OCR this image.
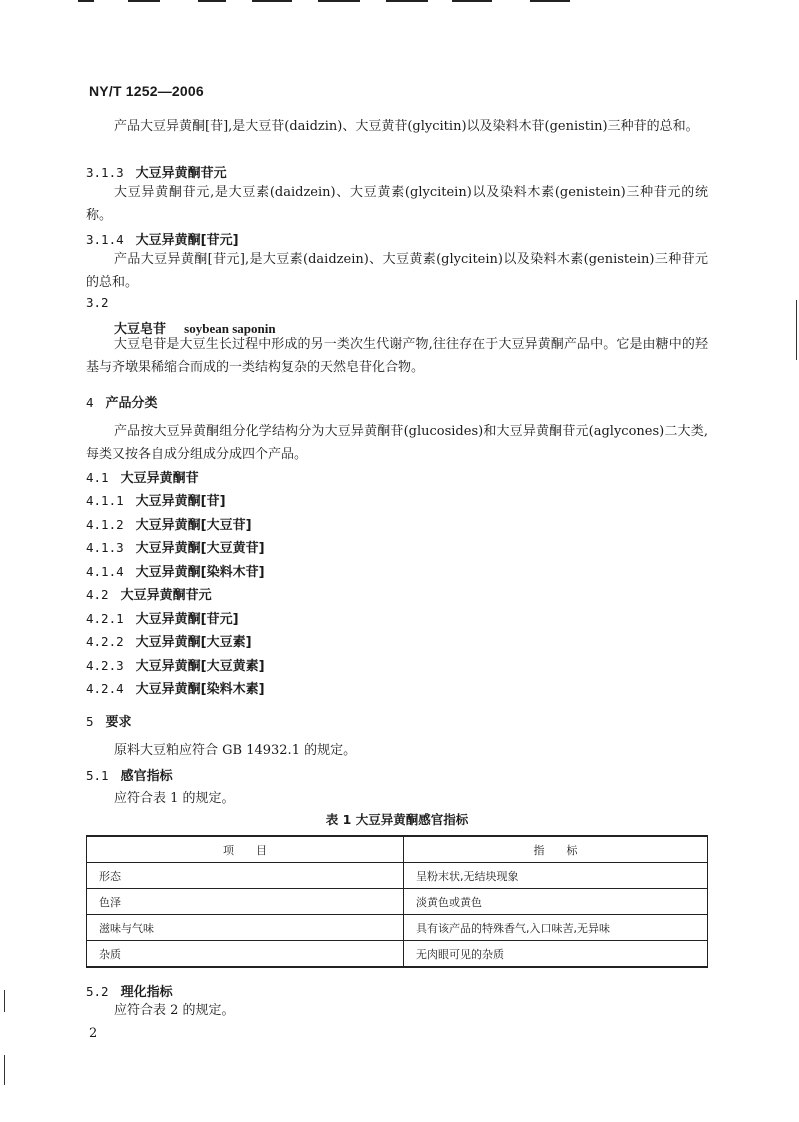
NY/T 1252—2006
产品大豆异黄酮[苷],是大豆苷(daidzin)、大豆黄苷(glycitin)以及染料木苷(genistin)三种苷的总和。
3.1.3 大豆异黄酮苷元
大豆异黄酮苷元,是大豆素(daidzein)、大豆黄素(glycitein)以及染料木素(genistein)三种苷元的统称。
3.1.4 大豆异黄酮[苷元]
产品大豆异黄酮[苷元],是大豆素(daidzein)、大豆黄素(glycitein)以及染料木素(genistein)三种苷元的总和。
3.2
大豆皂苷 soybean saponin
大豆皂苷是大豆生长过程中形成的另一类次生代谢产物,往往存在于大豆异黄酮产品中。它是由糖中的羟基与齐墩果稀缩合而成的一类结构复杂的天然皂苷化合物。
4 产品分类
产品按大豆异黄酮组分化学结构分为大豆异黄酮苷(glucosides)和大豆异黄酮苷元(aglycones)二大类,每类又按各自成分组成分成四个产品。
4.1 大豆异黄酮苷
4.1.1 大豆异黄酮[苷]
4.1.2 大豆异黄酮[大豆苷]
4.1.3 大豆异黄酮[大豆黄苷]
4.1.4 大豆异黄酮[染料木苷]
4.2 大豆异黄酮苷元
4.2.1 大豆异黄酮[苷元]
4.2.2 大豆异黄酮[大豆素]
4.2.3 大豆异黄酮[大豆黄素]
4.2.4 大豆异黄酮[染料木素]
5 要求
原料大豆粕应符合 GB 14932.1 的规定。
5.1 感官指标
应符合表 1 的规定。
表 1 大豆异黄酮感官指标
项　　目	指　　标
形态	呈粉末状,无结块现象
色泽	淡黄色或黄色
滋味与气味	具有该产品的特殊香气,入口味苦,无异味
杂质	无肉眼可见的杂质
5.2 理化指标
应符合表 2 的规定。
2
